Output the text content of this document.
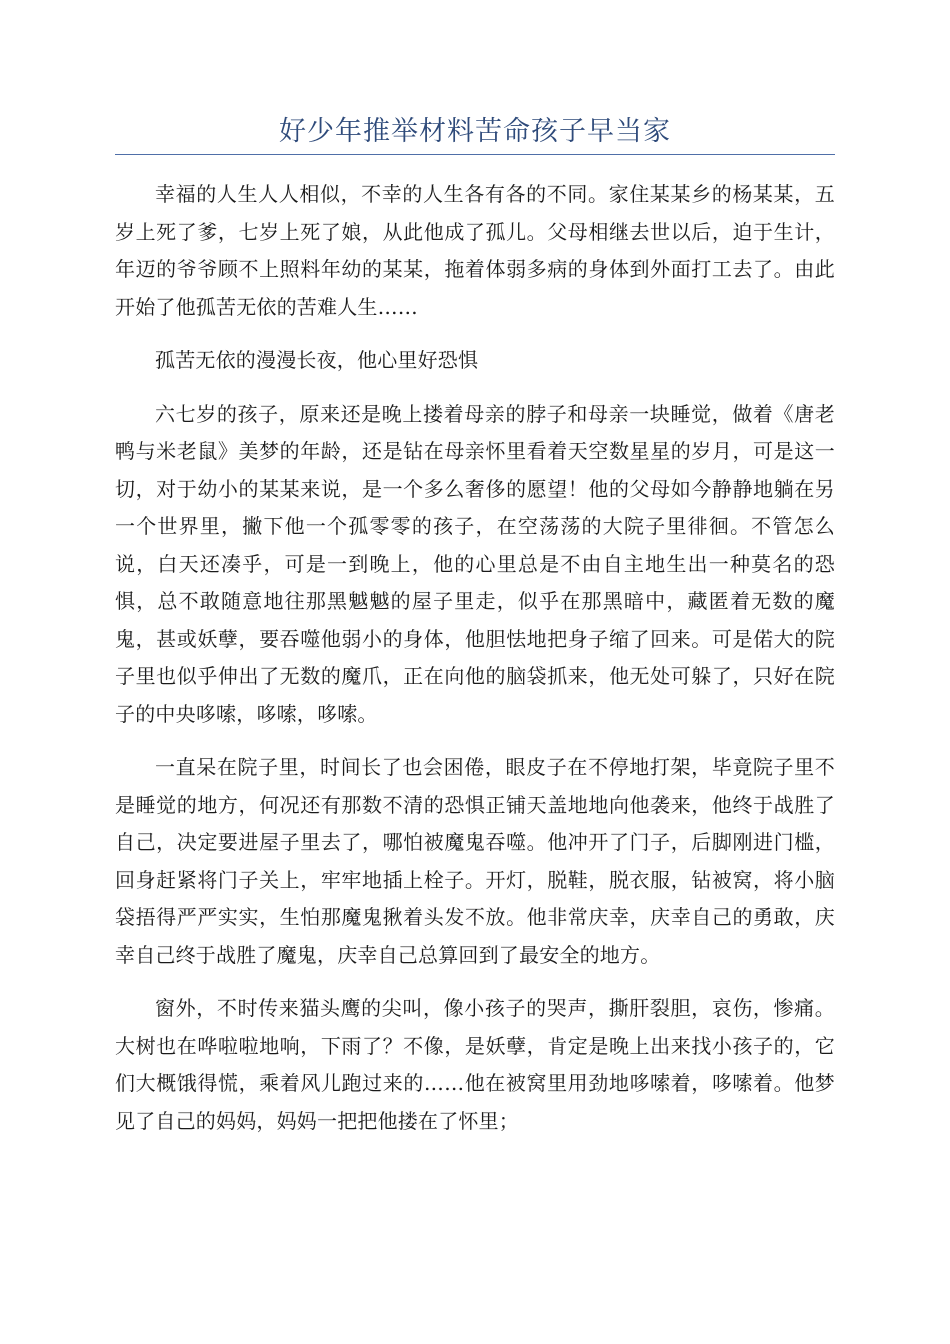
好少年推举材料苦命孩子早当家

幸福的人生人人相似，不幸的人生各有各的不同。家住某某乡的杨某某，五岁上死了爹，七岁上死了娘，从此他成了孤儿。父母相继去世以后，迫于生计，年迈的爷爷顾不上照料年幼的某某，拖着体弱多病的身体到外面打工去了。由此开始了他孤苦无依的苦难人生……

孤苦无依的漫漫长夜，他心里好恐惧

六七岁的孩子，原来还是晚上搂着母亲的脖子和母亲一块睡觉，做着《唐老鸭与米老鼠》美梦的年龄，还是钻在母亲怀里看着天空数星星的岁月，可是这一切，对于幼小的某某来说，是一个多么奢侈的愿望！他的父母如今静静地躺在另一个世界里，撇下他一个孤零零的孩子，在空荡荡的大院子里徘徊。不管怎么说，白天还凑乎，可是一到晚上，他的心里总是不由自主地生出一种莫名的恐惧，总不敢随意地往那黑魆魆的屋子里走，似乎在那黑暗中，藏匿着无数的魔鬼，甚或妖孽，要吞噬他弱小的身体，他胆怯地把身子缩了回来。可是偌大的院子里也似乎伸出了无数的魔爪，正在向他的脑袋抓来，他无处可躲了，只好在院子的中央哆嗦，哆嗦，哆嗦。

一直呆在院子里，时间长了也会困倦，眼皮子在不停地打架，毕竟院子里不是睡觉的地方，何况还有那数不清的恐惧正铺天盖地地向他袭来，他终于战胜了自己，决定要进屋子里去了，哪怕被魔鬼吞噬。他冲开了门子，后脚刚进门槛，回身赶紧将门子关上，牢牢地插上栓子。开灯，脱鞋，脱衣服，钻被窝，将小脑袋捂得严严实实，生怕那魔鬼揪着头发不放。他非常庆幸，庆幸自己的勇敢，庆幸自己终于战胜了魔鬼，庆幸自己总算回到了最安全的地方。

窗外，不时传来猫头鹰的尖叫，像小孩子的哭声，撕肝裂胆，哀伤，惨痛。大树也在哗啦啦地响，下雨了？不像，是妖孽，肯定是晚上出来找小孩子的，它们大概饿得慌，乘着风儿跑过来的……他在被窝里用劲地哆嗦着，哆嗦着。他梦见了自己的妈妈，妈妈一把把他搂在了怀里；
